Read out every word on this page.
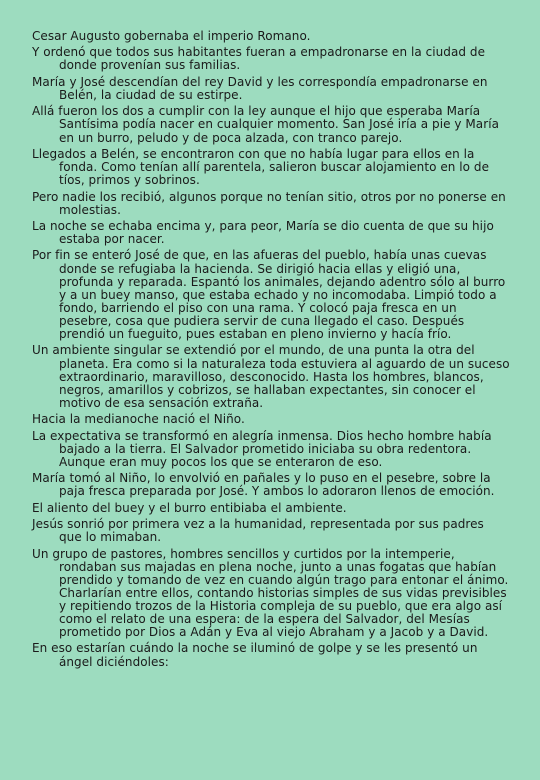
Cesar Augusto gobernaba el imperio Romano.

Y ordenó que todos sus habitantes fueran a empadronarse en la ciudad de donde provenían sus familias.

María y José descendían del rey David y les correspondía empadronarse en Belén, la ciudad de su estirpe.

Allá fueron los dos a cumplir con la ley aunque el hijo que esperaba María Santísima podía nacer en cualquier momento. San José iría a pie y María en un burro, peludo y de poca alzada, con tranco parejo.

Llegados a Belén, se encontraron con que no había lugar para ellos en la fonda. Como tenían allí parentela, salieron buscar alojamiento en lo de tíos, primos y sobrinos.

Pero nadie los recibió, algunos porque no tenían sitio, otros por no ponerse en molestias.

La noche se echaba encima y, para peor, María se dio cuenta de que su hijo estaba por nacer.

Por fin se enteró José de que, en las afueras del pueblo, había unas cuevas donde se refugiaba la hacienda. Se dirigió hacia ellas y eligió una, profunda y reparada. Espantó los animales, dejando adentro sólo al burro y a un buey manso, que estaba echado y no incomodaba. Limpió todo a fondo, barriendo el piso con una rama. Y colocó paja fresca en un pesebre, cosa que pudiera servir de cuna llegado el caso. Después prendió un fueguito, pues estaban en pleno invierno y hacía frío.

Un ambiente singular se extendió por el mundo, de una punta la otra del planeta. Era como si la naturaleza toda estuviera al aguardo de un suceso extraordinario, maravilloso, desconocido. Hasta los hombres, blancos, negros, amarillos y cobrizos, se hallaban expectantes, sin conocer el motivo de esa sensación extraña.

Hacia la medianoche nació el Niño.

La expectativa se transformó en alegría inmensa. Dios hecho hombre había bajado a la tierra. El Salvador prometido iniciaba su obra redentora. Aunque eran muy pocos los que se enteraron de eso.

María tomó al Niño, lo envolvió en pañales y lo puso en el pesebre, sobre la paja fresca preparada por José. Y ambos lo adoraron llenos de emoción.

El aliento del buey y el burro entibiaba el ambiente.

Jesús sonrió por primera vez a la humanidad, representada por sus padres que lo mimaban.

Un grupo de pastores, hombres sencillos y curtidos por la intemperie, rondaban sus majadas en plena noche, junto a unas fogatas que habían prendido y tomando de vez en cuando algún trago para entonar el ánimo. Charlarían entre ellos, contando historias simples de sus vidas previsibles y repitiendo trozos de la Historia compleja de su pueblo, que era algo así como el relato de una espera: de la espera del Salvador, del Mesías prometido por Dios a Adán y Eva al viejo Abraham y a Jacob y a David.

En eso estarían cuándo la noche se iluminó de golpe y se les presentó un ángel diciéndoles:
